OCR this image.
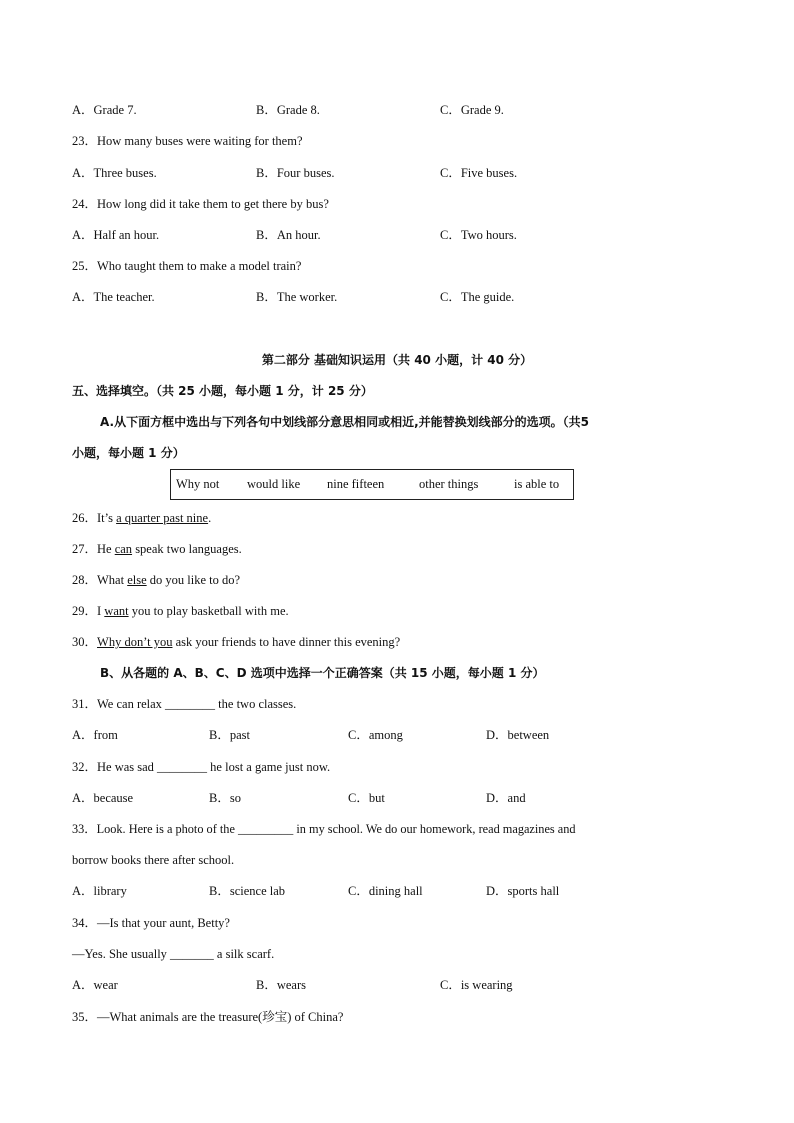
A．Grade 7.	B．Grade 8.	C．Grade 9.
23．How many buses were waiting for them?
A．Three buses.	B．Four buses.	C．Five buses.
24．How long did it take them to get there by bus?
A．Half an hour.	B．An hour.	C．Two hours.
25．Who taught them to make a model train?
A．The teacher.	B．The worker.	C．The guide.
第二部分 基础知识运用（共 40 小题，计 40 分）
五、选择填空。（共 25 小题，每小题 1 分，计 25 分）
A.从下面方框中选出与下列各句中划线部分意思相同或相近,并能替换划线部分的选项。（共5
小题，每小题 1 分）
Why not would like nine fifteen	other things	is able to
26．It’s a quarter past nine.
27．He can speak two languages.
28．What else do you like to do?
29．I want you to play basketball with me.
30．Why don’t you ask your friends to have dinner this evening?
B、从各题的 A、B、C、D 选项中选择一个正确答案（共 15 小题，每小题 1 分）
31．We can relax ________ the two classes.
A．from	B．past	C．among	D．between
32．He was sad ________ he lost a game just now.
A．because	B．so	C．but	D．and
33．Look. Here is a photo of the _________ in my school. We do our homework, read magazines and
borrow books there after school.
A．library	B．science lab	C．dining hall	D．sports hall
34．—Is that your aunt, Betty?
—Yes. She usually _______ a silk scarf.
A．wear	B．wears	C．is wearing
35．—What animals are the treasure(珍宝) of China?
